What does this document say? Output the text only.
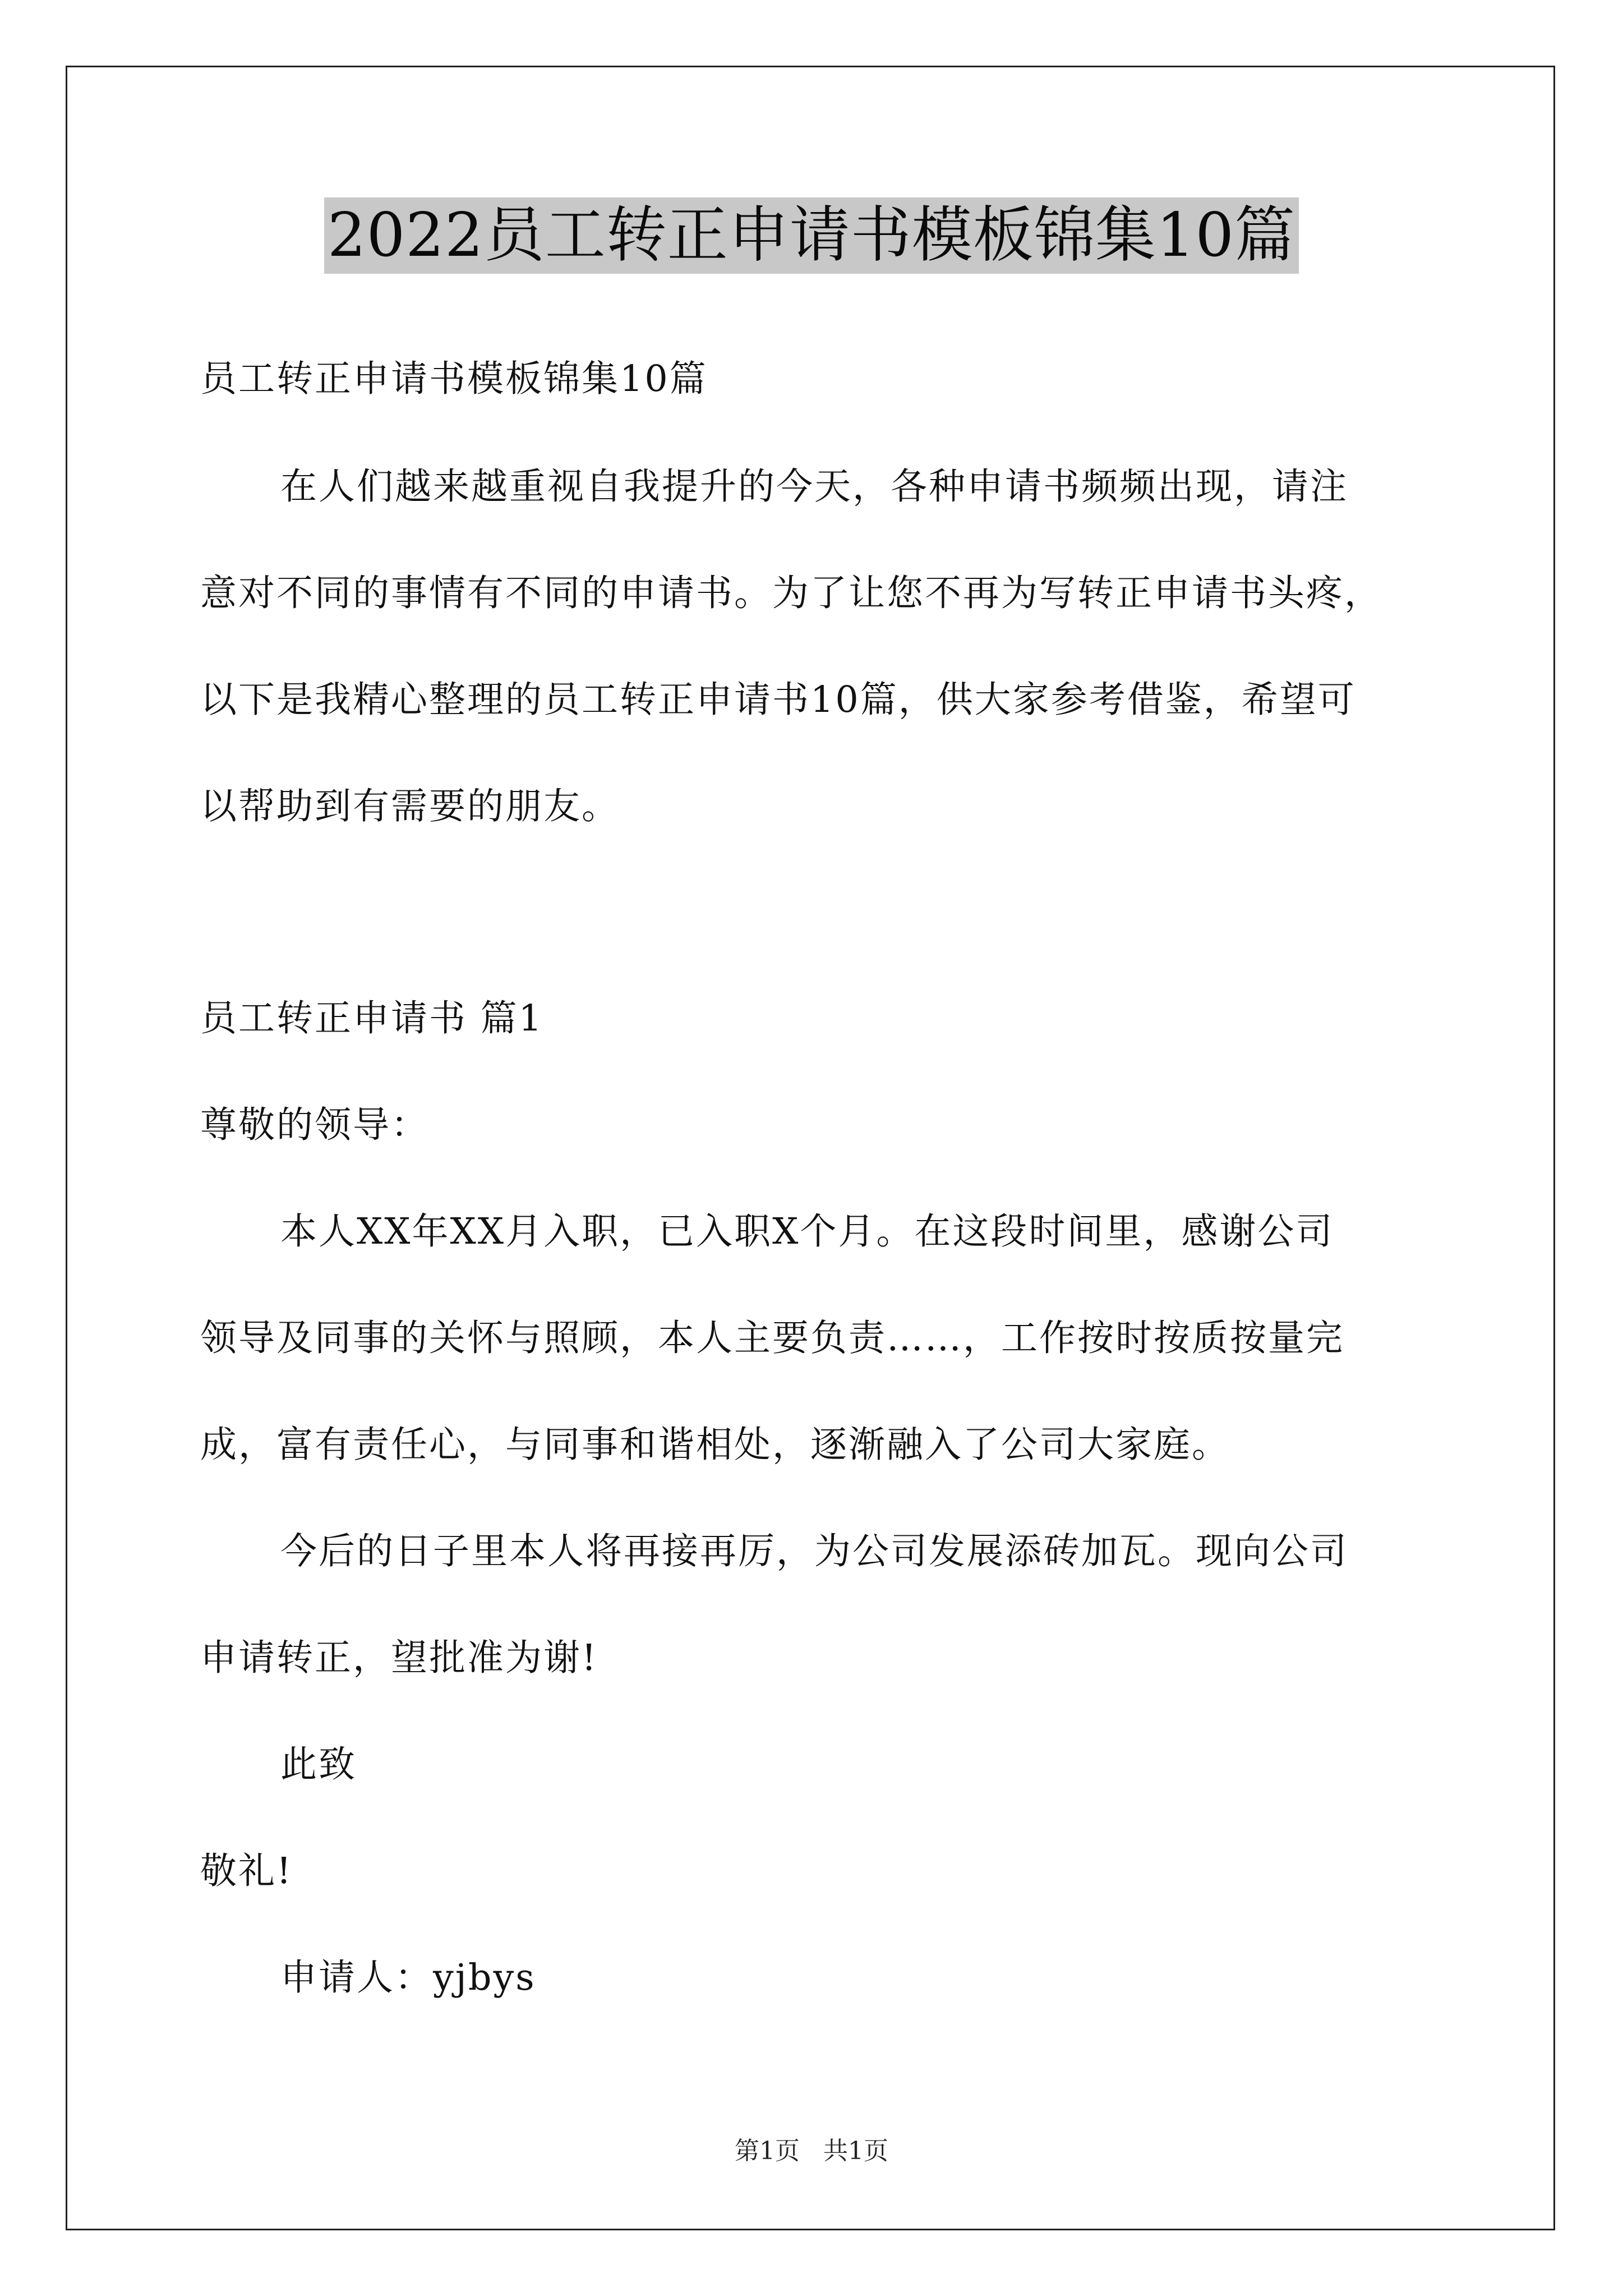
2022员工转正申请书模板锦集10篇
员工转正申请书模板锦集10篇
在人们越来越重视自我提升的今天，各种申请书频频出现，请注
意对不同的事情有不同的申请书。为了让您不再为写转正申请书头疼，
以下是我精心整理的员工转正申请书10篇，供大家参考借鉴，希望可
以帮助到有需要的朋友。
员工转正申请书 篇1
尊敬的领导：
本人XX年XX月入职，已入职X个月。在这段时间里，感谢公司
领导及同事的关怀与照顾，本人主要负责……，工作按时按质按量完
成，富有责任心，与同事和谐相处，逐渐融入了公司大家庭。
今后的日子里本人将再接再厉，为公司发展添砖加瓦。现向公司
申请转正，望批准为谢!
此致
敬礼!
申请人：yjbys
第1页 共1页
